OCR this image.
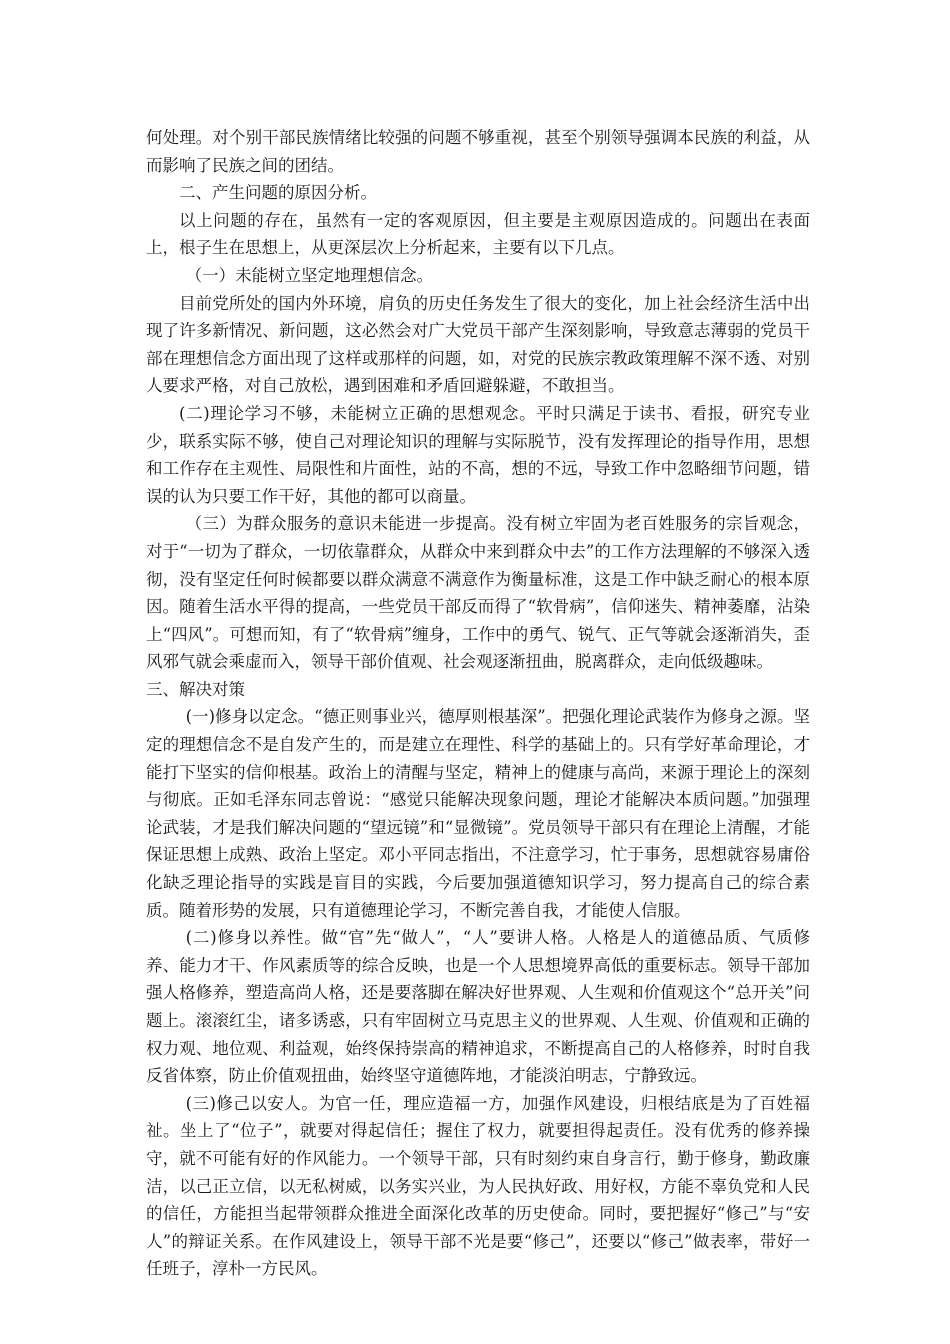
何处理。对个别干部民族情绪比较强的问题不够重视，甚至个别领导强调本民族的利益，从而影响了民族之间的团结。

二、产生问题的原因分析。

以上问题的存在，虽然有一定的客观原因，但主要是主观原因造成的。问题出在表面上，根子生在思想上，从更深层次上分析起来，主要有以下几点。

（一）未能树立坚定地理想信念。

目前党所处的国内外环境，肩负的历史任务发生了很大的变化，加上社会经济生活中出现了许多新情况、新问题，这必然会对广大党员干部产生深刻影响，导致意志薄弱的党员干部在理想信念方面出现了这样或那样的问题，如，对党的民族宗教政策理解不深不透、对别人要求严格，对自己放松，遇到困难和矛盾回避躲避，不敢担当。

(二)理论学习不够，未能树立正确的思想观念。平时只满足于读书、看报，研究专业少，联系实际不够，使自己对理论知识的理解与实际脱节，没有发挥理论的指导作用，思想和工作存在主观性、局限性和片面性，站的不高，想的不远，导致工作中忽略细节问题，错误的认为只要工作干好，其他的都可以商量。

（三）为群众服务的意识未能进一步提高。没有树立牢固为老百姓服务的宗旨观念，对于“一切为了群众，一切依靠群众，从群众中来到群众中去”的工作方法理解的不够深入透彻，没有坚定任何时候都要以群众满意不满意作为衡量标准，这是工作中缺乏耐心的根本原因。随着生活水平得的提高，一些党员干部反而得了“软骨病”，信仰迷失、精神萎靡，沾染上“四风”。可想而知，有了“软骨病”缠身，工作中的勇气、锐气、正气等就会逐渐消失，歪风邪气就会乘虚而入，领导干部价值观、社会观逐渐扭曲，脱离群众，走向低级趣味。

三、解决对策

(一)修身以定念。“德正则事业兴，德厚则根基深”。把强化理论武装作为修身之源。坚定的理想信念不是自发产生的，而是建立在理性、科学的基础上的。只有学好革命理论，才能打下坚实的信仰根基。政治上的清醒与坚定，精神上的健康与高尚，来源于理论上的深刻与彻底。正如毛泽东同志曾说：“感觉只能解决现象问题，理论才能解决本质问题。”加强理论武装，才是我们解决问题的“望远镜”和“显微镜”。党员领导干部只有在理论上清醒，才能保证思想上成熟、政治上坚定。邓小平同志指出，不注意学习，忙于事务，思想就容易庸俗化缺乏理论指导的实践是盲目的实践，今后要加强道德知识学习，努力提高自己的综合素质。随着形势的发展，只有道德理论学习，不断完善自我，才能使人信服。

(二)修身以养性。做“官”先“做人”，“人”要讲人格。人格是人的道德品质、气质修养、能力才干、作风素质等的综合反映，也是一个人思想境界高低的重要标志。领导干部加强人格修养，塑造高尚人格，还是要落脚在解决好世界观、人生观和价值观这个“总开关”问题上。滚滚红尘，诸多诱惑，只有牢固树立马克思主义的世界观、人生观、价值观和正确的权力观、地位观、利益观，始终保持崇高的精神追求，不断提高自己的人格修养，时时自我反省体察，防止价值观扭曲，始终坚守道德阵地，才能淡泊明志，宁静致远。

(三)修己以安人。为官一任，理应造福一方，加强作风建设，归根结底是为了百姓福祉。坐上了“位子”，就要对得起信任；握住了权力，就要担得起责任。没有优秀的修养操守，就不可能有好的作风能力。一个领导干部，只有时刻约束自身言行，勤于修身，勤政廉洁，以己正立信，以无私树威，以务实兴业，为人民执好政、用好权，方能不辜负党和人民的信任，方能担当起带领群众推进全面深化改革的历史使命。同时，要把握好“修己”与“安人”的辩证关系。在作风建设上，领导干部不光是要“修己”，还要以“修己”做表率，带好一任班子，淳朴一方民风。
